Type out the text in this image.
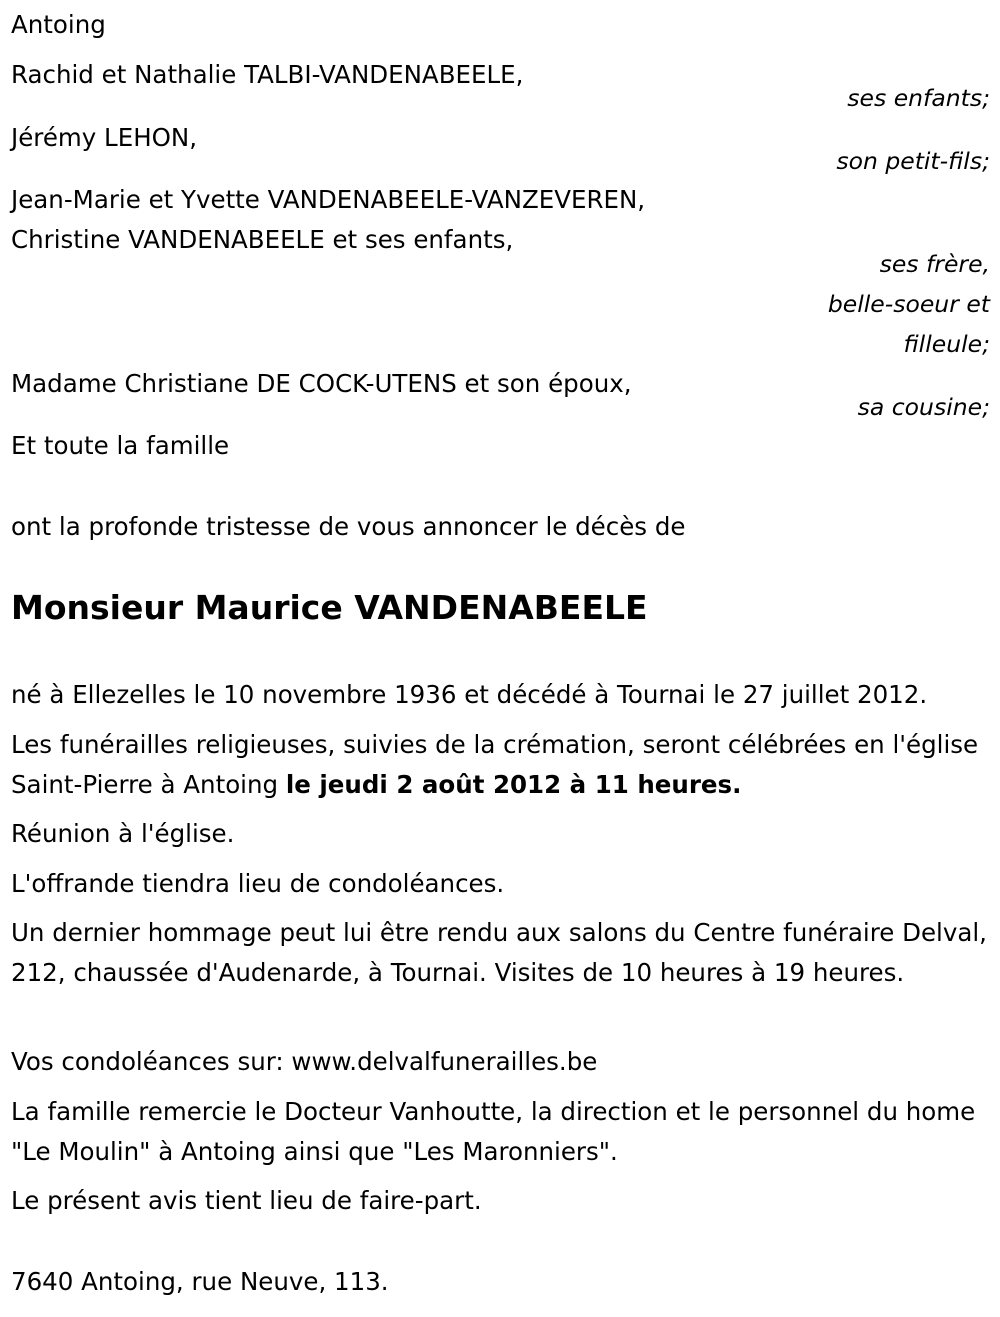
Antoing
Rachid et Nathalie TALBI-VANDENABEELE,
ses enfants;
Jérémy LEHON,
son petit-fils;
Jean-Marie et Yvette VANDENABEELE-VANZEVEREN,
Christine VANDENABEELE et ses enfants,
ses frère,
belle-soeur et
filleule;
Madame Christiane DE COCK-UTENS et son époux,
sa cousine;
Et toute la famille
ont la profonde tristesse de vous annoncer le décès de
Monsieur Maurice VANDENABEELE
né à Ellezelles le 10 novembre 1936 et décédé à Tournai le 27 juillet 2012.
Les funérailles religieuses, suivies de la crémation, seront célébrées en l'église Saint-Pierre à Antoing le jeudi 2 août 2012 à 11 heures.
Réunion à l'église.
L'offrande tiendra lieu de condoléances.
Un dernier hommage peut lui être rendu aux salons du Centre funéraire Delval, 212, chaussée d'Audenarde, à Tournai. Visites de 10 heures à 19 heures.
Vos condoléances sur: www.delvalfunerailles.be
La famille remercie le Docteur Vanhoutte, la direction et le personnel du home "Le Moulin" à Antoing ainsi que "Les Maronniers".
Le présent avis tient lieu de faire-part.
7640 Antoing, rue Neuve, 113.
